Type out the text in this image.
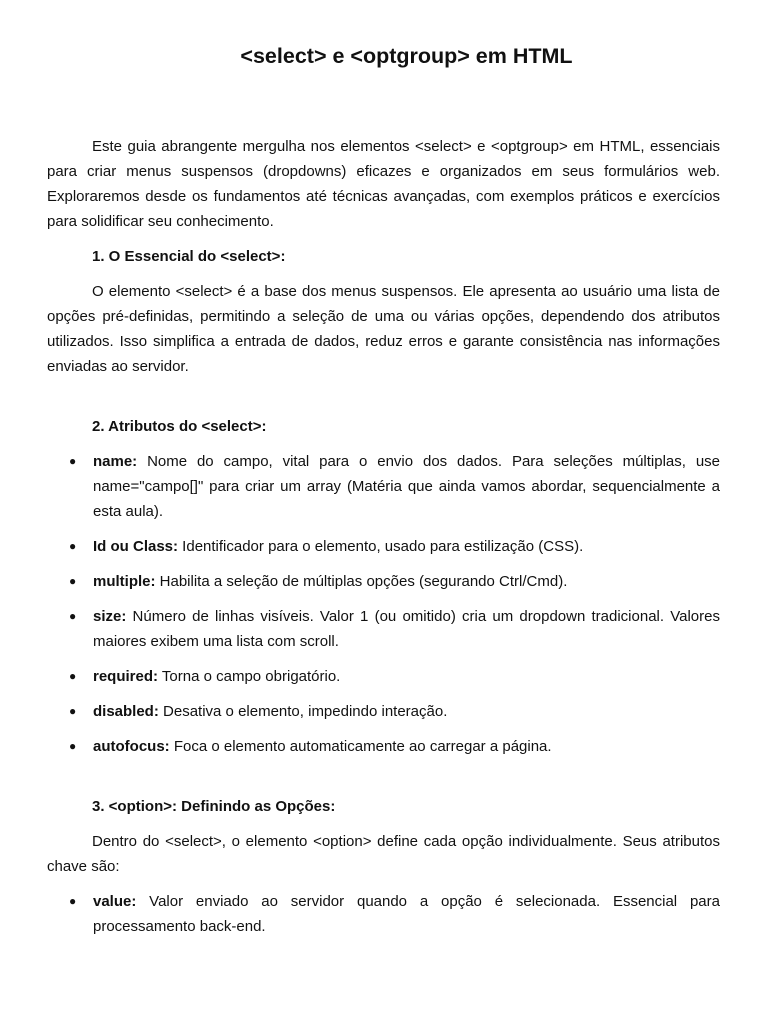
<select> e <optgroup> em HTML

Este guia abrangente mergulha nos elementos <select> e <optgroup> em HTML, essenciais para criar menus suspensos (dropdowns) eficazes e organizados em seus formulários web. Exploraremos desde os fundamentos até técnicas avançadas, com exemplos práticos e exercícios para solidificar seu conhecimento.

1. O Essencial do <select>:

O elemento <select> é a base dos menus suspensos. Ele apresenta ao usuário uma lista de opções pré-definidas, permitindo a seleção de uma ou várias opções, dependendo dos atributos utilizados. Isso simplifica a entrada de dados, reduz erros e garante consistência nas informações enviadas ao servidor.

2. Atributos do <select>:

● name: Nome do campo, vital para o envio dos dados. Para seleções múltiplas, use name="campo[]" para criar um array (Matéria que ainda vamos abordar, sequencialmente a esta aula).
● Id ou Class: Identificador para o elemento, usado para estilização (CSS).
● multiple: Habilita a seleção de múltiplas opções (segurando Ctrl/Cmd).
● size: Número de linhas visíveis. Valor 1 (ou omitido) cria um dropdown tradicional. Valores maiores exibem uma lista com scroll.
● required: Torna o campo obrigatório.
● disabled: Desativa o elemento, impedindo interação.
● autofocus: Foca o elemento automaticamente ao carregar a página.

3. <option>: Definindo as Opções:

Dentro do <select>, o elemento <option> define cada opção individualmente. Seus atributos chave são:

● value: Valor enviado ao servidor quando a opção é selecionada. Essencial para processamento back-end.
